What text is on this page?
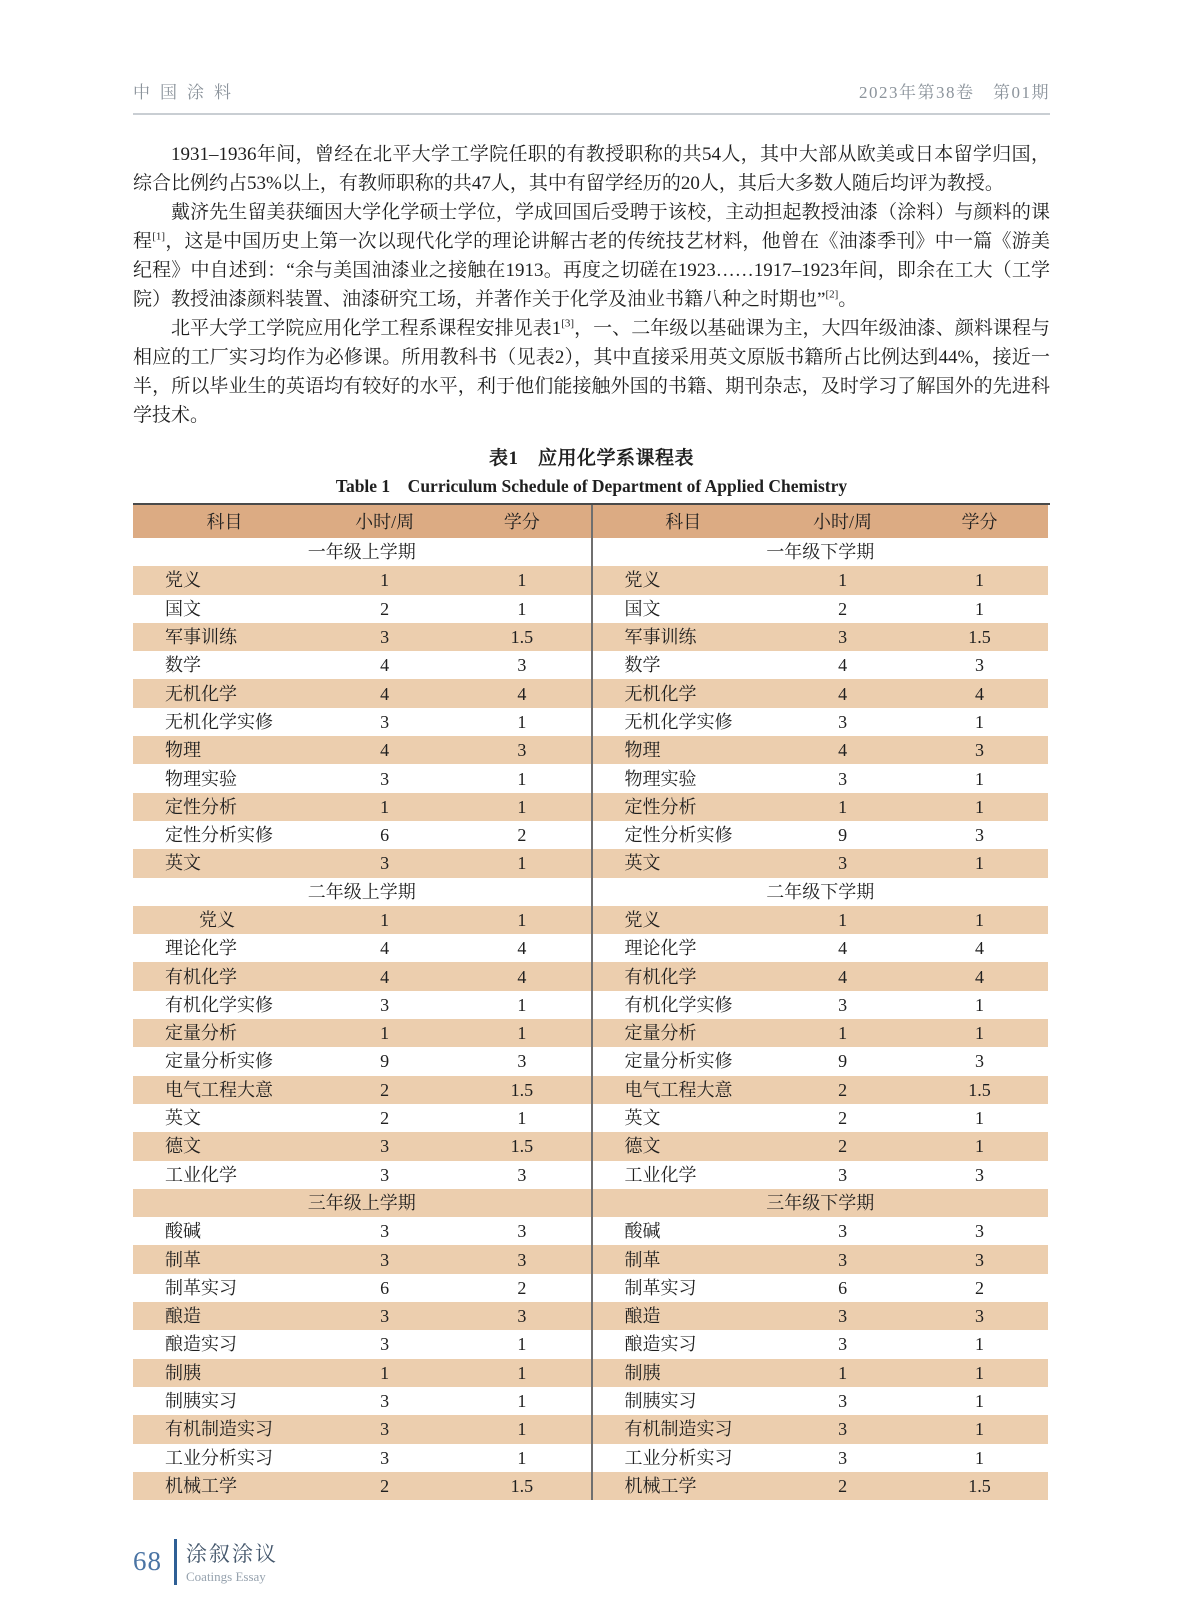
中国涂料	2023年第38卷　第01期

1931–1936年间，曾经在北平大学工学院任职的有教授职称的共54人，其中大部从欧美或日本留学归国，综合比例约占53%以上，有教师职称的共47人，其中有留学经历的20人，其后大多数人随后均评为教授。

戴济先生留美获缅因大学化学硕士学位，学成回国后受聘于该校，主动担起教授油漆（涂料）与颜料的课程[1]，这是中国历史上第一次以现代化学的理论讲解古老的传统技艺材料，他曾在《油漆季刊》中一篇《游美纪程》中自述到：“余与美国油漆业之接触在1913。再度之切磋在1923……1917–1923年间，即余在工大（工学院）教授油漆颜料装置、油漆研究工场，并著作关于化学及油业书籍八种之时期也”[2]。

北平大学工学院应用化学工程系课程安排见表1[3]，一、二年级以基础课为主，大四年级油漆、颜料课程与相应的工厂实习均作为必修课。所用教科书（见表2），其中直接采用英文原版书籍所占比例达到44%，接近一半，所以毕业生的英语均有较好的水平，利于他们能接触外国的书籍、期刊杂志，及时学习了解国外的先进科学技术。

表1　应用化学系课程表
Table 1　Curriculum Schedule of Department of Applied Chemistry
科目	小时/周	学分
一年级上学期		
党义	1	1
国文	2	1
军事训练	3	1.5
数学	4	3
无机化学	4	4
无机化学实修	3	1
物理	4	3
物理实验	3	1
定性分析	1	1
定性分析实修	6	2
英文	3	1
二年级上学期		
党义	1	1
理论化学	4	4
有机化学	4	4
有机化学实修	3	1
定量分析	1	1
定量分析实修	9	3
电气工程大意	2	1.5
英文	2	1
德文	3	1.5
工业化学	3	3
三年级上学期		
酸碱	3	3
制革	3	3
制革实习	6	2
酿造	3	3
酿造实习	3	1
制胰	1	1
制胰实习	3	1
有机制造实习	3	1
工业分析实习	3	1
机械工学	2	1.5
科目	小时/周	学分
一年级下学期		
党义	1	1
国文	2	1
军事训练	3	1.5
数学	4	3
无机化学	4	4
无机化学实修	3	1
物理	4	3
物理实验	3	1
定性分析	1	1
定性分析实修	9	3
英文	3	1
二年级下学期		
党义	1	1
理论化学	4	4
有机化学	4	4
有机化学实修	3	1
定量分析	1	1
定量分析实修	9	3
电气工程大意	2	1.5
英文	2	1
德文	2	1
工业化学	3	3
三年级下学期		
酸碱	3	3
制革	3	3
制革实习	6	2
酿造	3	3
酿造实习	3	1
制胰	1	1
制胰实习	3	1
有机制造实习	3	1
工业分析实习	3	1
机械工学	2	1.5
68 涂叙涂议
Coatings Essay
